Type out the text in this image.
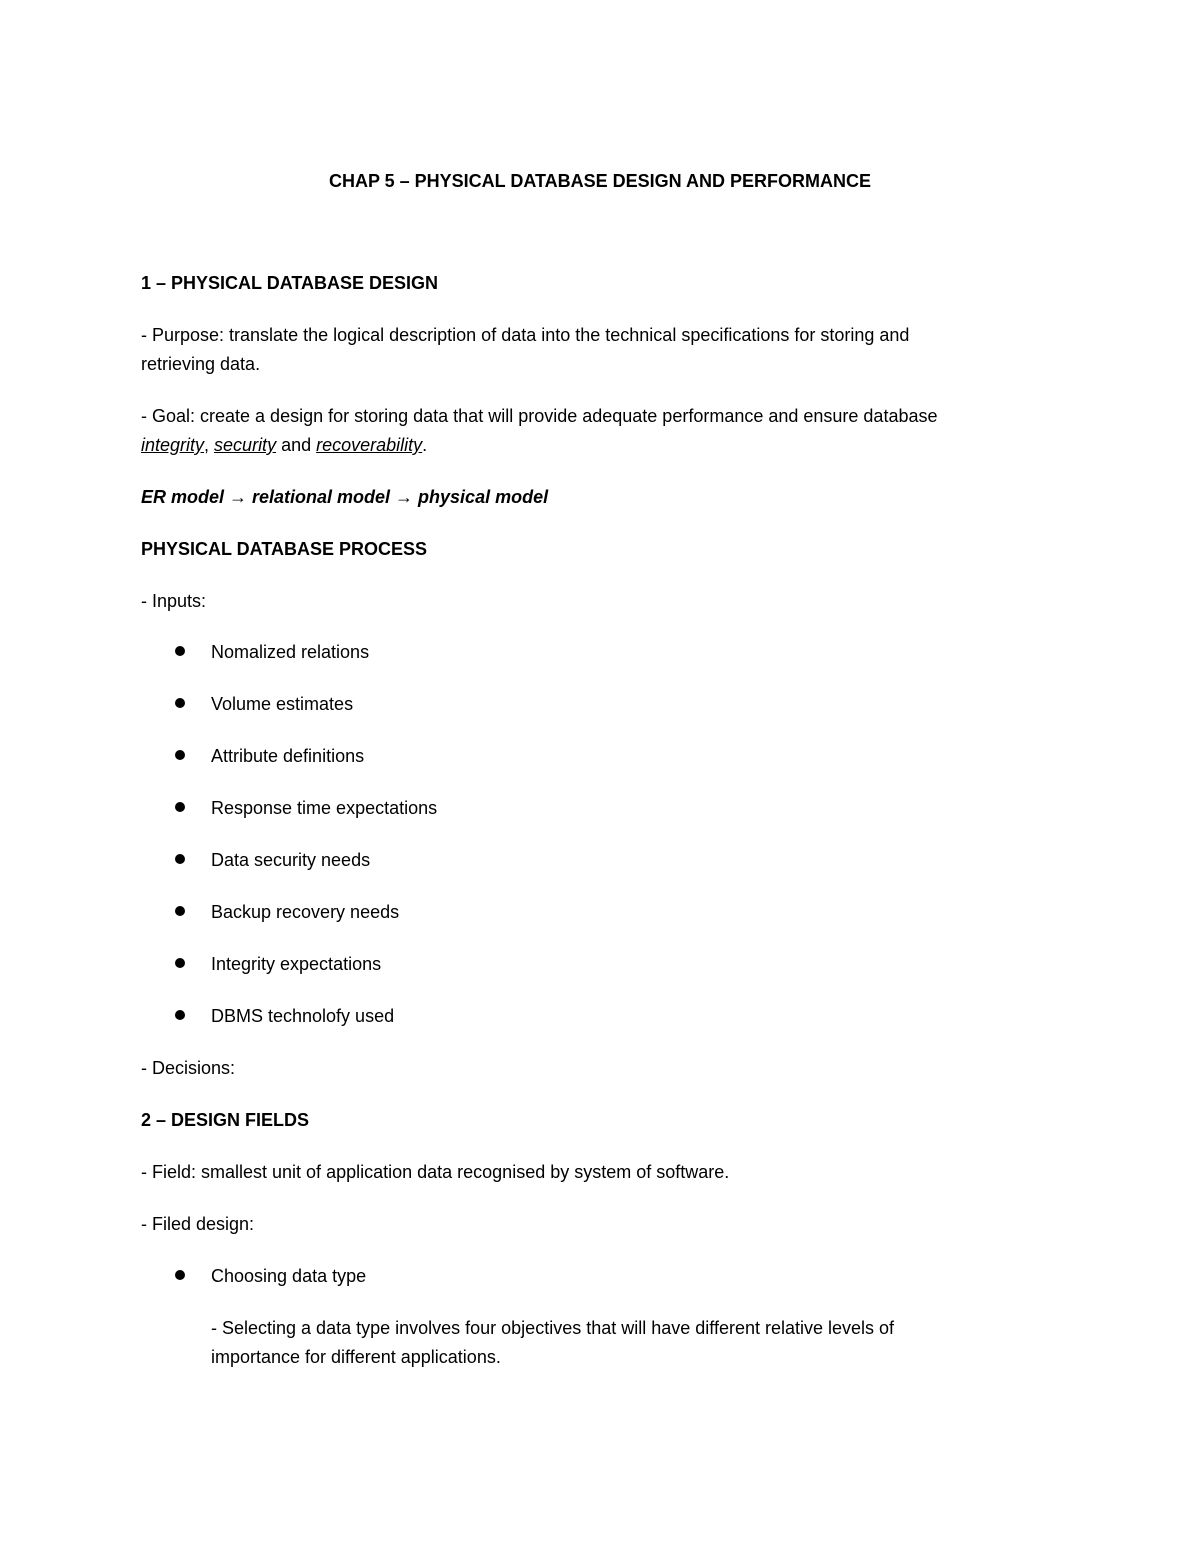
CHAP 5 – PHYSICAL DATABASE DESIGN AND PERFORMANCE
1 – PHYSICAL DATABASE DESIGN
- Purpose: translate the logical description of data into the technical specifications for storing and
retrieving data.
- Goal: create a design for storing data that will provide adequate performance and ensure database
integrity, security and recoverability.
ER model → relational model → physical model
PHYSICAL DATABASE PROCESS
- Inputs:
Nomalized relations
Volume estimates
Attribute definitions
Response time expectations
Data security needs
Backup recovery needs
Integrity expectations
DBMS technolofy used
- Decisions:
2 – DESIGN FIELDS
- Field: smallest unit of application data recognised by system of software.
- Filed design:
Choosing data type
- Selecting a data type involves four objectives that will have different relative levels of
importance for different applications.
